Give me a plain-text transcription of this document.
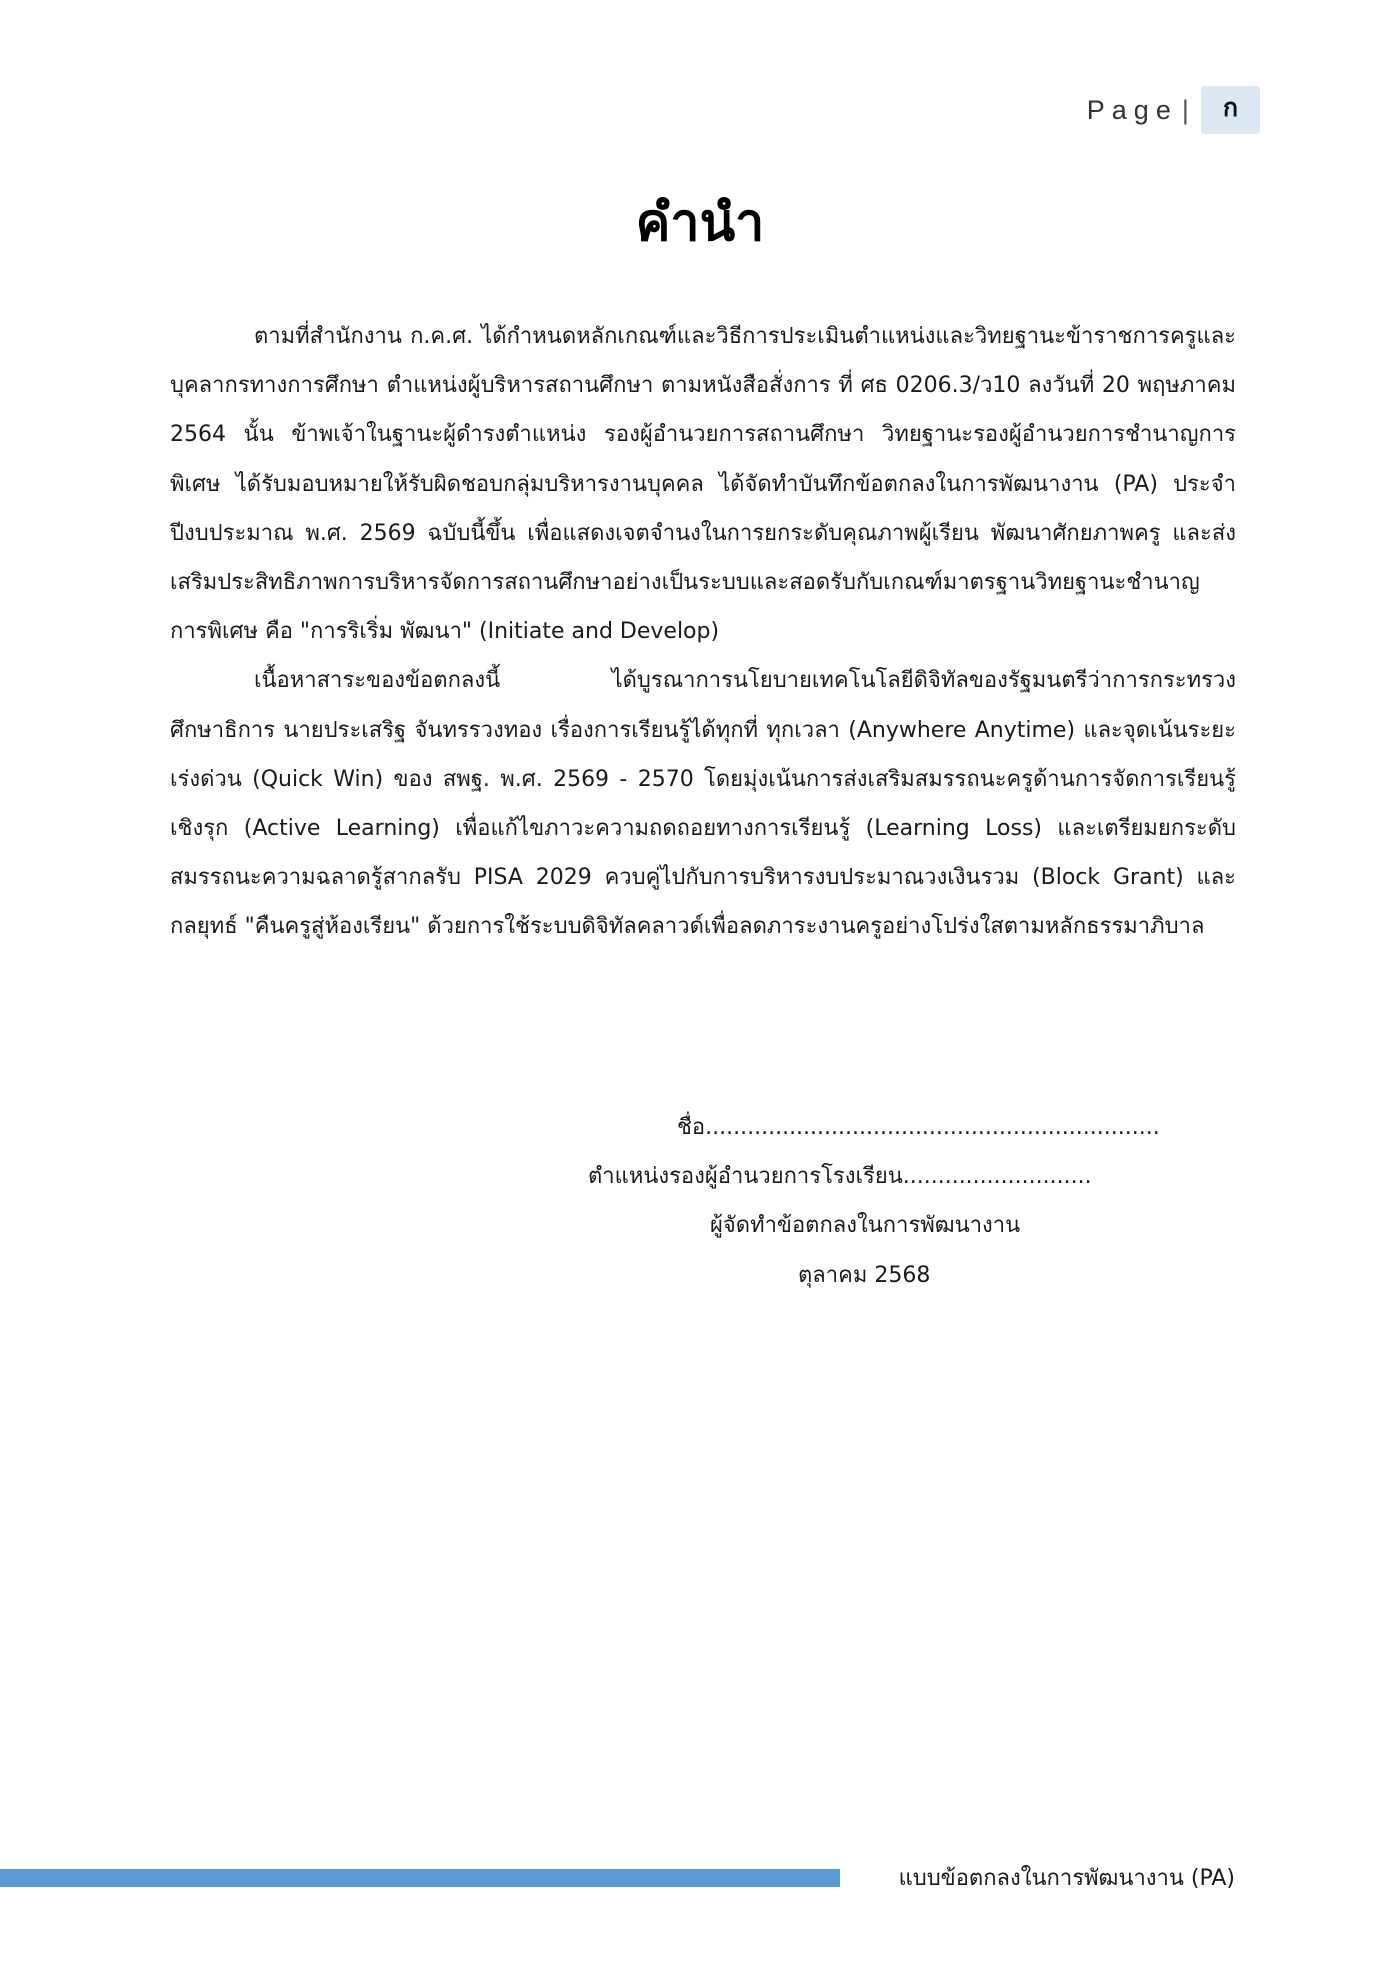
Page |	ก
คำนำ

ตามที่สำนักงาน ก.ค.ศ. ได้กำหนดหลักเกณฑ์และวิธีการประเมินตำแหน่งและวิทยฐานะข้าราชการครูและบุคลากรทางการศึกษา ตำแหน่งผู้บริหารสถานศึกษา ตามหนังสือสั่งการ ที่ ศธ 0206.3/ว10 ลงวันที่ 20 พฤษภาคม 2564 นั้น ข้าพเจ้าในฐานะผู้ดำรงตำแหน่ง รองผู้อำนวยการสถานศึกษา วิทยฐานะรองผู้อำนวยการชำนาญการพิเศษ ได้รับมอบหมายให้รับผิดชอบกลุ่มบริหารงานบุคคล ได้จัดทำบันทึกข้อตกลงในการพัฒนางาน (PA) ประจำปีงบประมาณ พ.ศ. 2569 ฉบับนี้ขึ้น เพื่อแสดงเจตจำนงในการยกระดับคุณภาพผู้เรียน พัฒนาศักยภาพครู และส่งเสริมประสิทธิภาพการบริหารจัดการสถานศึกษาอย่างเป็นระบบและสอดรับกับเกณฑ์มาตรฐานวิทยฐานะชำนาญการพิเศษ คือ "การริเริ่ม พัฒนา" (Initiate and Develop)

เนื้อหาสาระของข้อตกลงนี้ ได้บูรณาการนโยบายเทคโนโลยีดิจิทัลของรัฐมนตรีว่าการกระทรวงศึกษาธิการ นายประเสริฐ จันทรรวงทอง เรื่องการเรียนรู้ได้ทุกที่ ทุกเวลา (Anywhere Anytime) และจุดเน้นระยะเร่งด่วน (Quick Win) ของ สพฐ. พ.ศ. 2569 - 2570 โดยมุ่งเน้นการส่งเสริมสมรรถนะครูด้านการจัดการเรียนรู้เชิงรุก (Active Learning) เพื่อแก้ไขภาวะความถดถอยทางการเรียนรู้ (Learning Loss) และเตรียมยกระดับสมรรถนะความฉลาดรู้สากลรับ PISA 2029 ควบคู่ไปกับการบริหารงบประมาณวงเงินรวม (Block Grant) และกลยุทธ์ "คืนครูสู่ห้องเรียน" ด้วยการใช้ระบบดิจิทัลคลาวด์เพื่อลดภาระงานครูอย่างโปร่งใสตามหลักธรรมาภิบาล

ชื่อ.................................................................
ตำแหน่งรองผู้อำนวยการโรงเรียน...........................
ผู้จัดทำข้อตกลงในการพัฒนางาน
ตุลาคม 2568
แบบข้อตกลงในการพัฒนางาน (PA)
